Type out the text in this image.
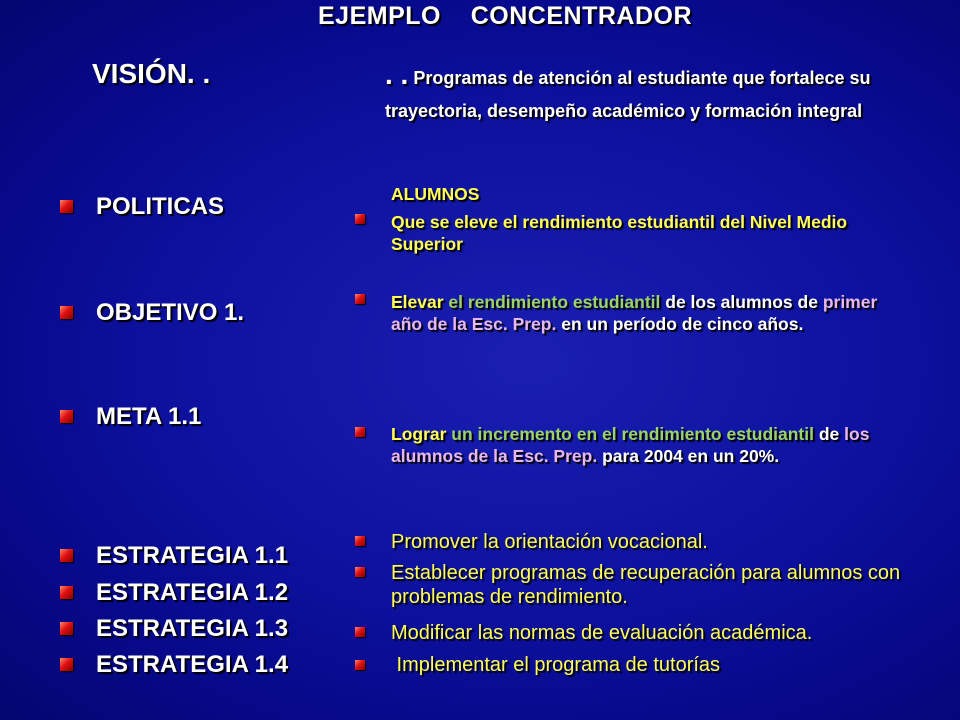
EJEMPLO    CONCENTRADOR
VISIÓN. .	. . Programas de atención al estudiante que fortalece su
trayectoria, desempeño académico y formación integral
POLITICAS
OBJETIVO 1.
META 1.1
ESTRATEGIA 1.1
ESTRATEGIA 1.2
ESTRATEGIA 1.3
ESTRATEGIA 1.4
ALUMNOS
Que se eleve el rendimiento estudiantil del Nivel Medio Superior
Elevar el rendimiento estudiantil de los alumnos de primer año de la Esc. Prep. en un período de cinco años.
Lograr un incremento en el rendimiento estudiantil de los alumnos de la Esc. Prep. para 2004 en un 20%.
Promover la orientación vocacional.
Establecer programas de recuperación para alumnos con problemas de rendimiento.
Modificar las normas de evaluación académica.
Implementar el programa de tutorías
